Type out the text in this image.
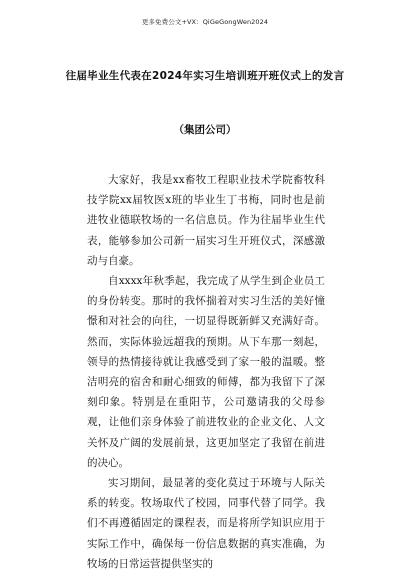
更多免费公文+VX：QiGeGongWen2024
往届毕业生代表在2024年实习生培训班开班仪式上的发言
（集团公司）

大家好，我是xx畜牧工程职业技术学院畜牧科技学院xx届牧医x班的毕业生丁书梅，同时也是前进牧业德联牧场的一名信息员。作为往届毕业生代表，能够参加公司新一届实习生开班仪式，深感激动与自豪。

自xxxx年秋季起，我完成了从学生到企业员工的身份转变。那时的我怀揣着对实习生活的美好憧憬和对社会的向往，一切显得既新鲜又充满好奇。然而，实际体验远超我的预期。从下车那一刻起，领导的热情接待就让我感受到了家一般的温暖。整洁明亮的宿舍和耐心细致的师傅，都为我留下了深刻印象。特别是在重阳节，公司邀请我的父母参观，让他们亲身体验了前进牧业的企业文化、人文关怀及广阔的发展前景，这更加坚定了我留在前进的决心。

实习期间，最显著的变化莫过于环境与人际关系的转变。牧场取代了校园，同事代替了同学。我们不再遵循固定的课程表，而是将所学知识应用于实际工作中，确保每一份信息数据的真实准确，为牧场的日常运营提供坚实的
